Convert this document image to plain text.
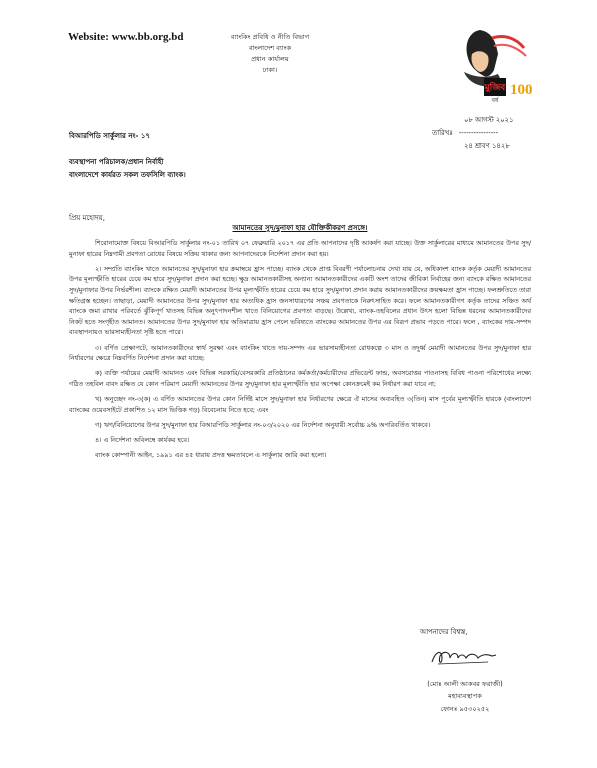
Website: www.bb.org.bd	ব্যাংকিং প্রবিধি ও নীতি বিভাগ
বাংলাদেশ ব্যাংক
প্রধান কার্যালয়
ঢাকা।
মুজিব
বর্ষ
100
০৮ আগস্ট ২০২১
তারিখঃ ----------------
২৪ শ্রাবণ ১৪২৮
বিআরপিডি সার্কুলার নং- ১৭
ব্যবস্থাপনা পরিচালক/প্রধান নির্বাহী
বাংলাদেশে কার্যরত সকল তফসিলি ব্যাংক।
প্রিয় মহোদয়,
আমানতের সুদ/মুনাফা হার যৌক্তিকীকরণ প্রসঙ্গে।

শিরোনামোক্ত বিষয়ে বিআরপিডি সার্কুলার নং-০১ তারিখ ০৭ ফেব্রুয়ারি ২০১৭ এর প্রতি আপনাদের দৃষ্টি আকর্ষণ করা যাচ্ছে। উক্ত সার্কুলারের মাধ্যমে আমানতের উপর সুদ/মুনাফা হারের নিম্নগামী প্রবণতা রোধের বিষয়ে সক্রিয় থাকার জন্য আপনাদেরকে নির্দেশনা প্রদান করা হয়।

২। সম্প্রতি ব্যাংকিং খাতে আমানতের সুদ/মুনাফা হার ক্রমাম্বয়ে হ্রাস পাচ্ছে। ব্যাংক থেকে প্রাপ্ত বিবরণী পর্যালোচনায় দেখা যায় যে, অধিকাংশ ব্যাংক কর্তৃক মেয়াদী আমানতের উপর মূল্যস্ফীতি হারের চেয়ে কম হারে সুদ/মুনাফা প্রদান করা হচ্ছে। ক্ষুদ্র আমানতকারীসহ অন্যান্য আমানতকারীদের একটি অংশ তাদের জীবিকা নির্বাহের জন্য ব্যাংকে রক্ষিত আমানতের সুদ/মুনাফার উপর নির্ভরশীল। ব্যাংকে রক্ষিত মেয়াদী আমানতের উপর মূল্যস্ফীতি হারের চেয়ে কম হারে সুদ/মুনাফা প্রদান করায় আমানতকারীদের ক্রয়ক্ষমতা হ্রাস পাচ্ছে। ফলশ্রুতিতে তারা ক্ষতিগ্রস্ত হচ্ছেন। তাছাড়া, মেয়াদী আমানতের উপর সুদ/মুনাফা হার অত্যধিক হ্রাস জনসাধারণের সঞ্চয় প্রবণতাকে নিরুৎসাহিত করে। ফলে আমানতকারীগণ কর্তৃক তাদের সঞ্চিত অর্থ ব্যাংকে জমা রাখার পরিবর্তে ঝুঁকিপূর্ণ খাতসহ বিভিন্ন অনুৎপাদনশীল খাতে বিনিয়োগের প্রবণতা বাড়ছে। উল্লেখ্য, ব্যাংক-তহবিলের প্রধান উৎস হলো বিভিন্ন ধরনের আমানতকারীদের নিকট হতে সংগৃহীত আমানত। আমানতের উপর সুদ/মুনাফা হার অতিমাত্রায় হ্রাস পেলে ভবিষ্যতে ব্যাংকের আমানতের উপর এর বিরূপ প্রভাব পড়তে পারে। ফলে , ব্যাংকের দায়-সম্পদ ব্যবস্থাপনায়ও ভারসাম্যহীনতা সৃষ্টি হতে পারে।

৩। বর্ণিত প্রেক্ষাপটে, আমানতকারীদের স্বার্থ সুরক্ষা এবং ব্যাংকিং খাতে দায়-সম্পদ এর ভারসাম্যহীনতা রোধকল্পে ৩ মাস ও তদুর্ধ্ব মেয়াদী আমানতের উপর সুদ/মুনাফা হার নির্ধারণের ক্ষেত্রে নিম্নবর্ণিত নির্দেশনা প্রদান করা যাচ্ছে:

ক) ব্যক্তি পর্যায়ের মেয়াদী আমানত এবং বিভিন্ন সরকারি/বেসরকারি প্রতিষ্ঠানের কর্মকর্তা/কর্মচারীদের প্রভিডেন্ট ফান্ড, অবসরোত্তর পাওনাসহ বিবিধ পাওনা পরিশোধের লক্ষ্যে গঠিত তহবিল বাবদ রক্ষিত যে কোন পরিমাণ মেয়াদী আমানতের উপর সুদ/মুনাফা হার মূল্যস্ফীতি হার অপেক্ষা কোনক্রমেই কম নির্ধারণ করা যাবে না;

খ) অনুচ্ছেদ নং-৩(ক) এ বর্ণিত আমানতের উপর কোন নির্দিষ্ট মাসে সুদ/মুনাফা হার নির্ধারণের ক্ষেত্রে ঐ মাসের অব্যবহিত ৩(তিন) মাস পূর্বের মূল্যস্ফীতি হারকে (বাংলাদেশ ব্যাংকের ওয়েবসাইটে প্রকাশিত ১২ মাস ভিত্তিক গড়) বিবেচনায় নিতে হবে; এবং

গ) ঋণ/বিনিয়োগের উপর সুদ/মুনাফা হার বিআরপিডি সার্কুলার নং-০৩/২০২০ এর নির্দেশনা অনুযায়ী সর্বোচ্চ ৯% অপরিবর্তিত থাকবে।

৪। এ নির্দেশনা অবিলম্বে কার্যকর হবে।

ব্যাংক কোম্পানী আইন, ১৯৯১ এর ৪৫ ধারায় প্রদত্ত ক্ষমতাবলে এ সার্কুলার জারি করা হলো।

আপনাদের বিশ্বস্ত,
(মোঃ আলী আকবর ফরাজী)
মহাব্যবস্থাপক
ফোনঃ ৯৫৩০২৫২
